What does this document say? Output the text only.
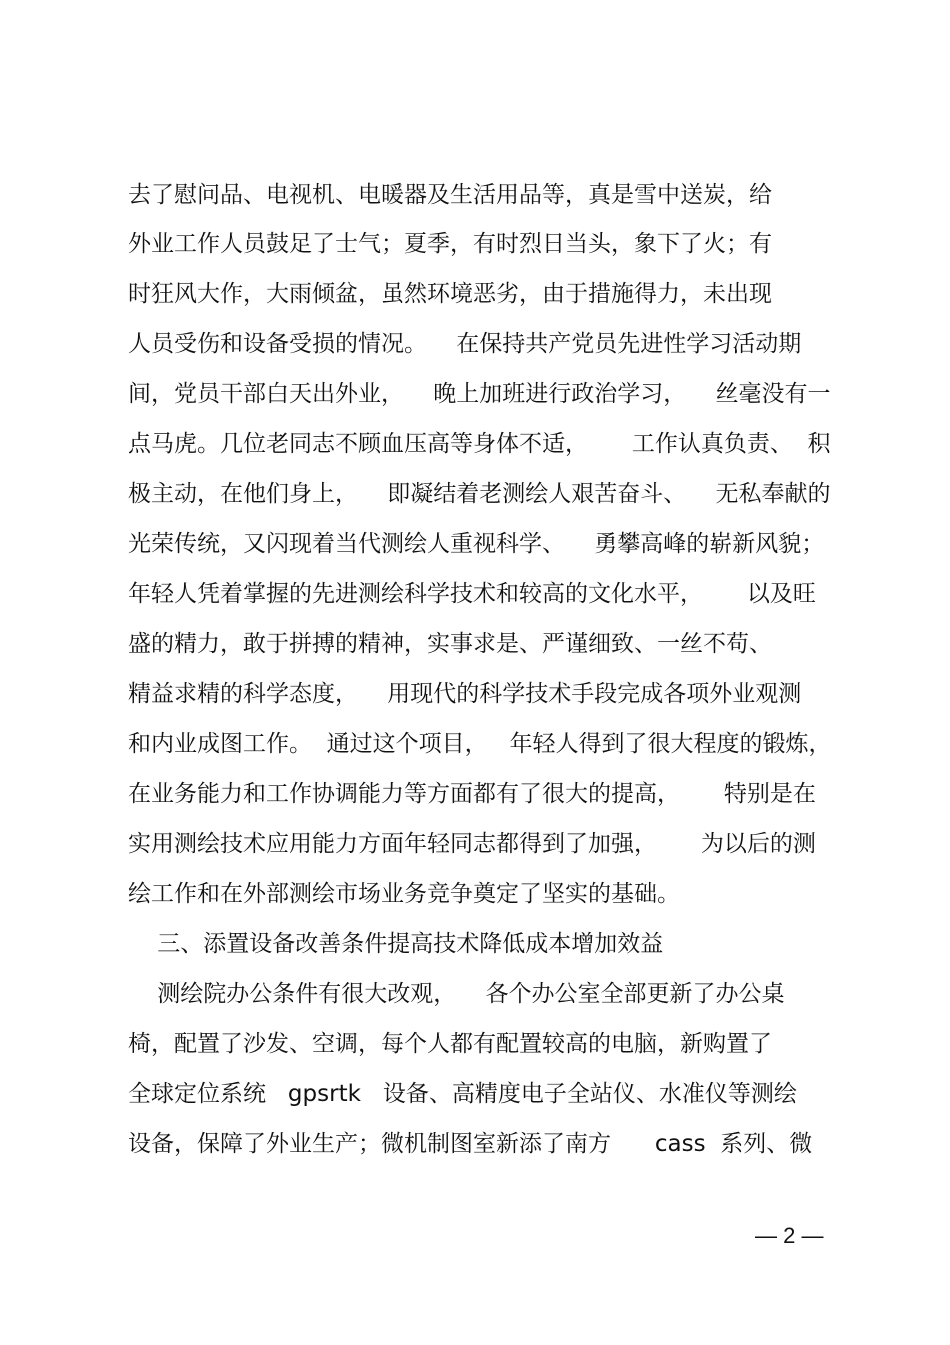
去了慰问品、电视机、电暖器及生活用品等，真是雪中送炭，给
外业工作人员鼓足了士气；夏季，有时烈日当头，象下了火；有
时狂风大作，大雨倾盆，虽然环境恶劣，由于措施得力，未出现
人员受伤和设备受损的情况。    在保持共产党员先进性学习活动期
间，党员干部白天出外业，    晚上加班进行政治学习，    丝毫没有一
点马虎。几位老同志不顾血压高等身体不适，      工作认真负责、  积
极主动，在他们身上，    即凝结着老测绘人艰苦奋斗、    无私奉献的
光荣传统，又闪现着当代测绘人重视科学、    勇攀高峰的崭新风貌；
年轻人凭着掌握的先进测绘科学技术和较高的文化水平，      以及旺
盛的精力，敢于拼搏的精神，实事求是、严谨细致、一丝不苟、
精益求精的科学态度，    用现代的科学技术手段完成各项外业观测
和内业成图工作。  通过这个项目，   年轻人得到了很大程度的锻炼，
在业务能力和工作协调能力等方面都有了很大的提高，      特别是在
实用测绘技术应用能力方面年轻同志都得到了加强，      为以后的测
绘工作和在外部测绘市场业务竞争奠定了坚实的基础。
三、添置设备改善条件提高技术降低成本增加效益
测绘院办公条件有很大改观，    各个办公室全部更新了办公桌
椅，配置了沙发、空调，每个人都有配置较高的电脑，新购置了
全球定位系统   gpsrtk   设备、高精度电子全站仪、水准仪等测绘
设备，保障了外业生产；微机制图室新添了南方      cass  系列、微
— 2 —
